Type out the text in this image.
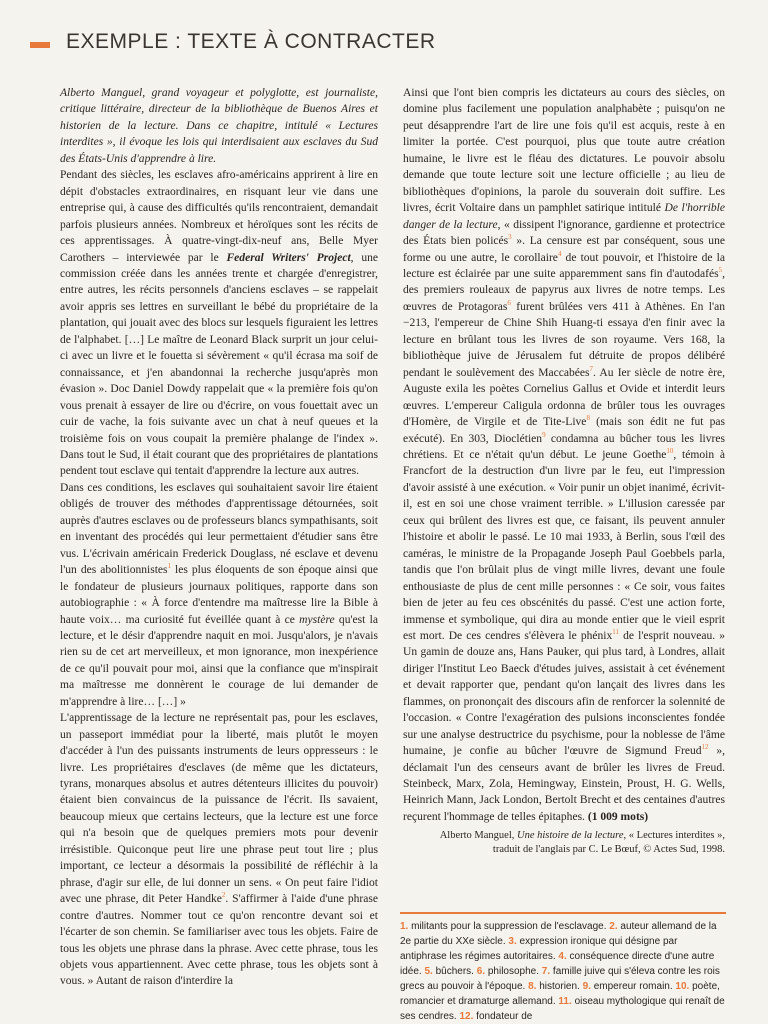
EXEMPLE : TEXTE À CONTRACTER

Alberto Manguel, grand voyageur et polyglotte, est journaliste, critique littéraire, directeur de la bibliothèque de Buenos Aires et historien de la lecture. Dans ce chapitre, intitulé « Lectures interdites », il évoque les lois qui interdisaient aux esclaves du Sud des États-Unis d'apprendre à lire.

Pendant des siècles, les esclaves afro-américains apprirent à lire en dépit d'obstacles extraordinaires, en risquant leur vie dans une entreprise qui, à cause des difficultés qu'ils rencontraient, demandait parfois plusieurs années. Nombreux et héroïques sont les récits de ces apprentissages. À quatre-vingt-dix-neuf ans, Belle Myer Carothers – interviewée par le Federal Writers' Project, une commission créée dans les années trente et chargée d'enregistrer, entre autres, les récits personnels d'anciens esclaves – se rappelait avoir appris ses lettres en surveillant le bébé du propriétaire de la plantation, qui jouait avec des blocs sur lesquels figuraient les lettres de l'alphabet. […] Le maître de Leonard Black surprit un jour celui-ci avec un livre et le fouetta si sévèrement « qu'il écrasa ma soif de connaissance, et j'en abandonnai la recherche jusqu'après mon évasion ». Doc Daniel Dowdy rappelait que « la première fois qu'on vous prenait à essayer de lire ou d'écrire, on vous fouettait avec un cuir de vache, la fois suivante avec un chat à neuf queues et la troisième fois on vous coupait la première phalange de l'index ». Dans tout le Sud, il était courant que des propriétaires de plantations pendent tout esclave qui tentait d'apprendre la lecture aux autres.

Dans ces conditions, les esclaves qui souhaitaient savoir lire étaient obligés de trouver des méthodes d'apprentissage détournées, soit auprès d'autres esclaves ou de professeurs blancs sympathisants, soit en inventant des procédés qui leur permettaient d'étudier sans être vus. L'écrivain américain Frederick Douglass, né esclave et devenu l'un des abolitionnistes$^1$ les plus éloquents de son époque ainsi que le fondateur de plusieurs journaux politiques, rapporte dans son autobiographie : « À force d'entendre ma maîtresse lire la Bible à haute voix… ma curiosité fut éveillée quant à ce mystère qu'est la lecture, et le désir d'apprendre naquit en moi. Jusqu'alors, je n'avais rien su de cet art merveilleux, et mon ignorance, mon inexpérience de ce qu'il pouvait pour moi, ainsi que la confiance que m'inspirait ma maîtresse me donnèrent le courage de lui demander de m'apprendre à lire… […] »

L'apprentissage de la lecture ne représentait pas, pour les esclaves, un passeport immédiat pour la liberté, mais plutôt le moyen d'accéder à l'un des puissants instruments de leurs oppresseurs : le livre. Les propriétaires d'esclaves (de même que les dictateurs, tyrans, monarques absolus et autres détenteurs illicites du pouvoir) étaient bien convaincus de la puissance de l'écrit. Ils savaient, beaucoup mieux que certains lecteurs, que la lecture est une force qui n'a besoin que de quelques premiers mots pour devenir irrésistible. Quiconque peut lire une phrase peut tout lire ; plus important, ce lecteur a désormais la possibilité de réfléchir à la phrase, d'agir sur elle, de lui donner un sens. « On peut faire l'idiot avec une phrase, dit Peter Handke$^2$. S'affirmer à l'aide d'une phrase contre d'autres. Nommer tout ce qu'on rencontre devant soi et l'écarter de son chemin. Se familiariser avec tous les objets. Faire de tous les objets une phrase dans la phrase. Avec cette phrase, tous les objets vous appartiennent. Avec cette phrase, tous les objets sont à vous. » Autant de raison d'interdire la

Ainsi que l'ont bien compris les dictateurs au cours des siècles, on domine plus facilement une population analphabète ; puisqu'on ne peut désapprendre l'art de lire une fois qu'il est acquis, reste à en limiter la portée. C'est pourquoi, plus que toute autre création humaine, le livre est le fléau des dictatures. Le pouvoir absolu demande que toute lecture soit une lecture officielle ; au lieu de bibliothèques d'opinions, la parole du souverain doit suffire. Les livres, écrit Voltaire dans un pamphlet satirique intitulé De l'horrible danger de la lecture, « dissipent l'ignorance, gardienne et protectrice des États bien policés$^3$ ». La censure est par conséquent, sous une forme ou une autre, le corollaire$^4$ de tout pouvoir, et l'histoire de la lecture est éclairée par une suite apparemment sans fin d'autodafés$^5$, des premiers rouleaux de papyrus aux livres de notre temps. Les œuvres de Protagoras$^6$ furent brûlées vers 411 à Athènes. En l'an −213, l'empereur de Chine Shih Huang-ti essaya d'en finir avec la lecture en brûlant tous les livres de son royaume. Vers 168, la bibliothèque juive de Jérusalem fut détruite de propos délibéré pendant le soulèvement des Maccabées$^7$. Au Ier siècle de notre ère, Auguste exila les poètes Cornelius Gallus et Ovide et interdit leurs œuvres. L'empereur Caligula ordonna de brûler tous les ouvrages d'Homère, de Virgile et de Tite-Live$^8$ (mais son édit ne fut pas exécuté). En 303, Dioclétien$^9$ condamna au bûcher tous les livres chrétiens. Et ce n'était qu'un début. Le jeune Goethe$^{10}$, témoin à Francfort de la destruction d'un livre par le feu, eut l'impression d'avoir assisté à une exécution. « Voir punir un objet inanimé, écrivit-il, est en soi une chose vraiment terrible. » L'illusion caressée par ceux qui brûlent des livres est que, ce faisant, ils peuvent annuler l'histoire et abolir le passé. Le 10 mai 1933, à Berlin, sous l'œil des caméras, le ministre de la Propagande Joseph Paul Goebbels parla, tandis que l'on brûlait plus de vingt mille livres, devant une foule enthousiaste de plus de cent mille personnes : « Ce soir, vous faites bien de jeter au feu ces obscénités du passé. C'est une action forte, immense et symbolique, qui dira au monde entier que le vieil esprit est mort. De ces cendres s'élèvera le phénix$^{11}$ de l'esprit nouveau. » Un gamin de douze ans, Hans Pauker, qui plus tard, à Londres, allait diriger l'Institut Leo Baeck d'études juives, assistait à cet événement et devait rapporter que, pendant qu'on lançait des livres dans les flammes, on prononçait des discours afin de renforcer la solennité de l'occasion. « Contre l'exagération des pulsions inconscientes fondée sur une analyse destructrice du psychisme, pour la noblesse de l'âme humaine, je confie au bûcher l'œuvre de Sigmund Freud$^{12}$ », déclamait l'un des censeurs avant de brûler les livres de Freud. Steinbeck, Marx, Zola, Hemingway, Einstein, Proust, H. G. Wells, Heinrich Mann, Jack London, Bertolt Brecht et des centaines d'autres reçurent l'hommage de telles épitaphes. (1 009 mots)

Alberto Manguel, Une histoire de la lecture, « Lectures interdites »,
traduit de l'anglais par C. Le Bœuf, © Actes Sud, 1998.

1. militants pour la suppression de l'esclavage. 2. auteur allemand de la 2e partie du XXe siècle. 3. expression ironique qui désigne par antiphrase les régimes autoritaires. 4. conséquence directe d'une autre idée. 5. bûchers. 6. philosophe. 7. famille juive qui s'éleva contre les rois grecs au pouvoir à l'époque. 8. historien. 9. empereur romain. 10. poète, romancier et dramaturge allemand. 11. oiseau mythologique qui renaît de ses cendres. 12. fondateur de
